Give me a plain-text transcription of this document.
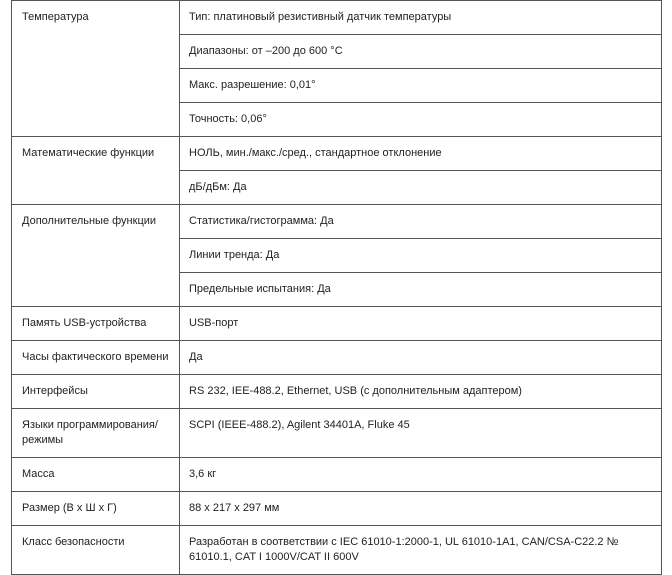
Температура	Тип: платиновый резистивный датчик температуры
	Диапазоны: от –200 до 600 °C
	Макс. разрешение: 0,01°
	Точность: 0,06°
Математические функции	НОЛЬ, мин./макс./сред., стандартное отклонение
	дБ/дБм: Да
Дополнительные функции	Статистика/гистограмма: Да
	Линии тренда: Да
	Предельные испытания: Да
Память USB-устройства	USB-порт
Часы фактического времени	Да
Интерфейсы	RS 232, IEE-488.2, Ethernet, USB (с дополнительным адаптером)
Языки программирования/ режимы	SCPI (IEEE-488.2), Agilent 34401A, Fluke 45
Масса	3,6 кг
Размер (В х Ш х Г)	88 x 217 x 297 мм
Класс безопасности	Разработан в соответствии с IEC 61010-1:2000-1, UL 61010-1A1, CAN/CSA-C22.2 № 61010.1, CAT I 1000V/CAT II 600V
